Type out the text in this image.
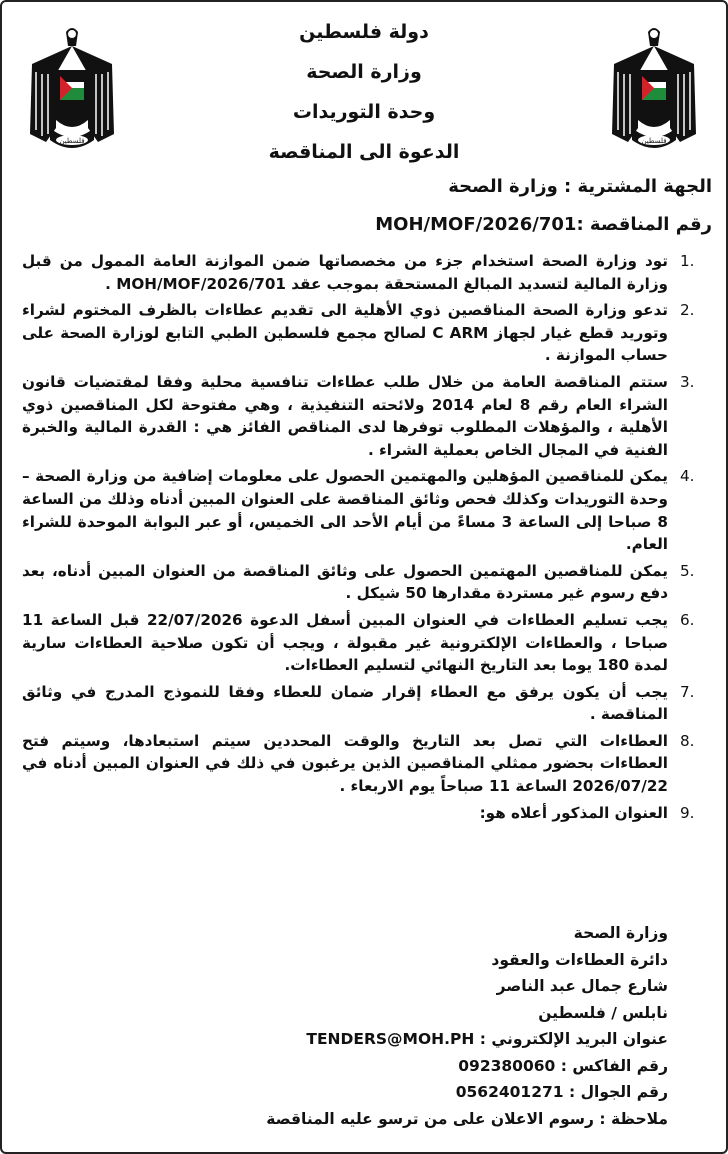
فلسطين	فلسطين
دولة فلسطين
وزارة الصحة
وحدة التوريدات
الدعوة الى المناقصة
الجهة المشترية : وزارة الصحة
رقم المناقصة :MOH/MOF/2026/701
.1
تود وزارة الصحة استخدام جزء من مخصصاتها ضمن الموازنة العامة الممول من قبل وزارة المالية لتسديد المبالغ المستحقة بموجب عقد MOH/MOF/2026/701 .
.2
تدعو وزارة الصحة المناقصين ذوي الأهلية الى تقديم عطاءات بالظرف المختوم لشراء وتوريد قطع غيار لجهاز C ARM لصالح مجمع فلسطين الطبي التابع لوزارة الصحة على حساب الموازنة .
.3
ستتم المناقصة العامة من خلال طلب عطاءات تنافسية محلية وفقا لمقتضيات قانون الشراء العام رقم 8 لعام 2014 ولائحته التنفيذية ، وهي مفتوحة لكل المناقصين ذوي الأهلية ، والمؤهلات المطلوب توفرها لدى المناقص الفائز هي : القدرة المالية والخبرة الفنية في المجال الخاص بعملية الشراء .
.4
يمكن للمناقصين المؤهلين والمهتمين الحصول على معلومات إضافية من وزارة الصحة – وحدة التوريدات وكذلك فحص وثائق المناقصة على العنوان المبين أدناه وذلك من الساعة 8 صباحا إلى الساعة 3 مساءً من أيام الأحد الى الخميس، أو عبر البوابة الموحدة للشراء العام.
.5
يمكن للمناقصين المهتمين الحصول على وثائق المناقصة من العنوان المبين أدناه، بعد دفع رسوم غير مستردة مقدارها 50 شيكل .
.6
يجب تسليم العطاءات في العنوان المبين أسفل الدعوة 22/07/2026 قبل الساعة 11 صباحا ، والعطاءات الإلكترونية غير مقبولة ، ويجب أن تكون صلاحية العطاءات سارية لمدة 180 يوما بعد التاريخ النهائي لتسليم العطاءات.
.7
يجب أن يكون يرفق مع العطاء إقرار ضمان للعطاء وفقا للنموذج المدرج في وثائق المناقصة .
.8
العطاءات التي تصل بعد التاريخ والوقت المحددين سيتم استبعادها، وسيتم فتح العطاءات بحضور ممثلي المناقصين الذين يرغبون في ذلك في العنوان المبين أدناه في 2026/07/22 الساعة 11 صباحاً يوم الاربعاء .
.9
العنوان المذكور أعلاه هو:
وزارة الصحة
دائرة العطاءات والعقود
شارع جمال عبد الناصر
نابلس / فلسطين
عنوان البريد الإلكتروني : TENDERS@MOH.PH
رقم الفاكس : 092380060
رقم الجوال : 0562401271
ملاحظة : رسوم الاعلان على من ترسو عليه المناقصة
